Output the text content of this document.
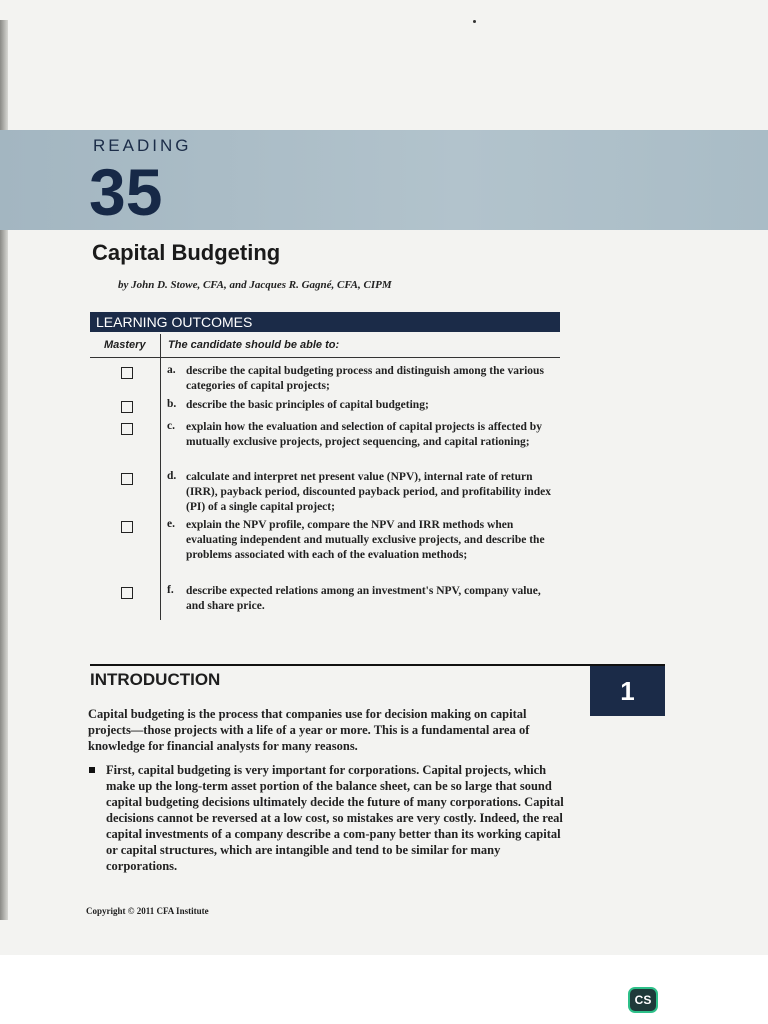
READING
35
Capital Budgeting
by John D. Stowe, CFA, and Jacques R. Gagné, CFA, CIPM
LEARNING OUTCOMES
Mastery The candidate should be able to:
a. describe the capital budgeting process and distinguish among the various categories of capital projects;
b. describe the basic principles of capital budgeting;
c. explain how the evaluation and selection of capital projects is affected by mutually exclusive projects, project sequencing, and capital rationing;
d. calculate and interpret net present value (NPV), internal rate of return (IRR), payback period, discounted payback period, and profitability index (PI) of a single capital project;
e. explain the NPV profile, compare the NPV and IRR methods when evaluating independent and mutually exclusive projects, and describe the problems associated with each of the evaluation methods;
f. describe expected relations among an investment's NPV, company value, and share price.
INTRODUCTION	1
Capital budgeting is the process that companies use for decision making on capital projects—those projects with a life of a year or more. This is a fundamental area of knowledge for financial analysts for many reasons.
First, capital budgeting is very important for corporations. Capital projects, which make up the long-term asset portion of the balance sheet, can be so large that sound capital budgeting decisions ultimately decide the future of many corporations. Capital decisions cannot be reversed at a low cost, so mistakes are very costly. Indeed, the real capital investments of a company describe a com-pany better than its working capital or capital structures, which are intangible and tend to be similar for many corporations.
Copyright © 2011 CFA Institute
CS
